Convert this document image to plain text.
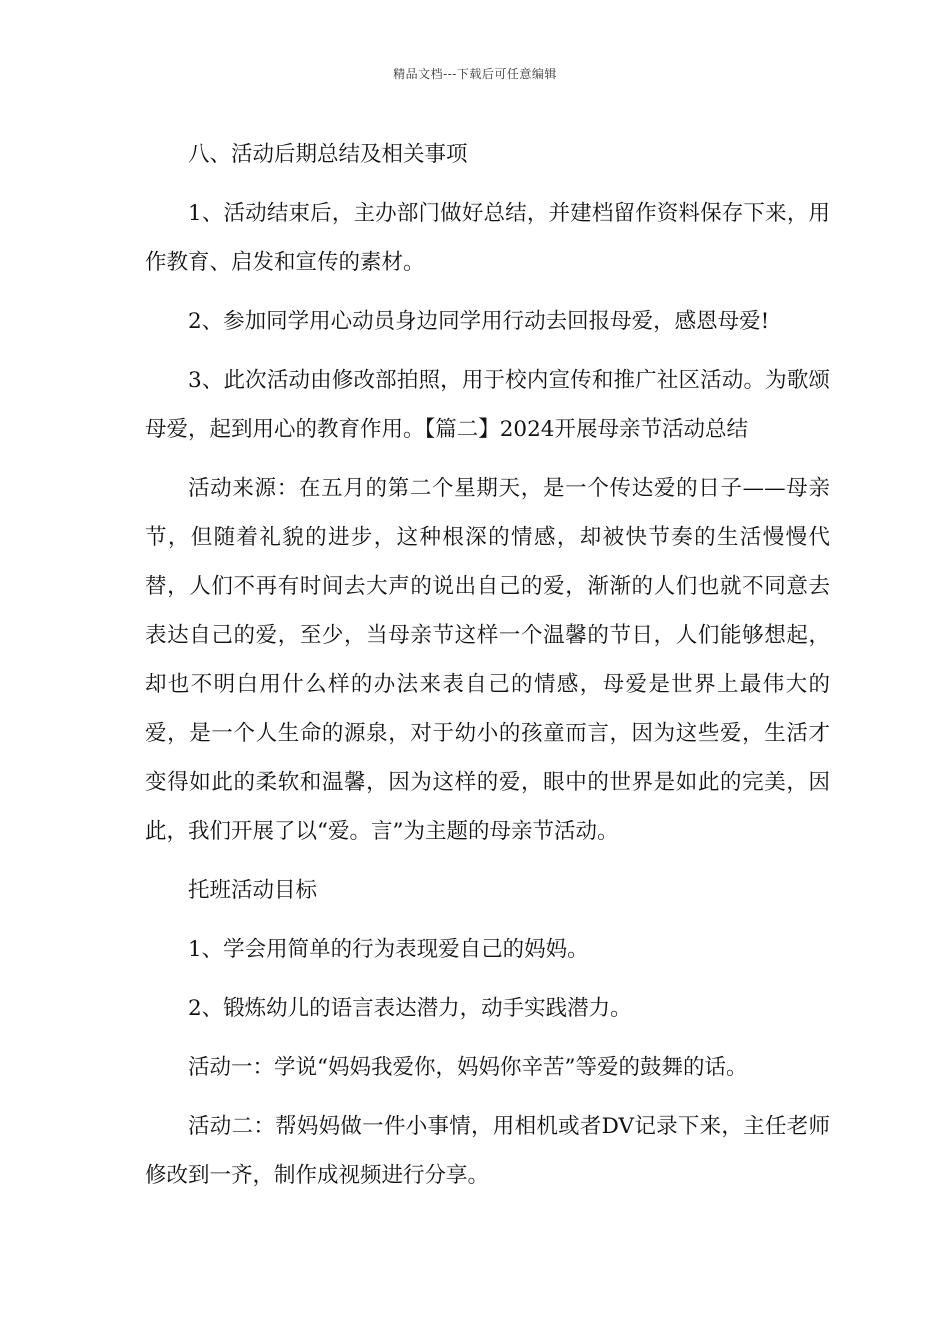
精品文档---下载后可任意编辑

八、活动后期总结及相关事项

1、活动结束后，主办部门做好总结，并建档留作资料保存下来，用作教育、启发和宣传的素材。

2、参加同学用心动员身边同学用行动去回报母爱，感恩母爱!

3、此次活动由修改部拍照，用于校内宣传和推广社区活动。为歌颂母爱，起到用心的教育作用。【篇二】2024开展母亲节活动总结

活动来源：在五月的第二个星期天，是一个传达爱的日子——母亲节，但随着礼貌的进步，这种根深的情感，却被快节奏的生活慢慢代替，人们不再有时间去大声的说出自己的爱，渐渐的人们也就不同意去表达自己的爱，至少，当母亲节这样一个温馨的节日，人们能够想起，却也不明白用什么样的办法来表自己的情感，母爱是世界上最伟大的爱，是一个人生命的源泉，对于幼小的孩童而言，因为这些爱，生活才变得如此的柔软和温馨，因为这样的爱，眼中的世界是如此的完美，因此，我们开展了以“爱。言”为主题的母亲节活动。

托班活动目标

1、学会用简单的行为表现爱自己的妈妈。

2、锻炼幼儿的语言表达潜力，动手实践潜力。

活动一：学说“妈妈我爱你，妈妈你辛苦”等爱的鼓舞的话。

活动二：帮妈妈做一件小事情，用相机或者DV记录下来，主任老师修改到一齐，制作成视频进行分享。
